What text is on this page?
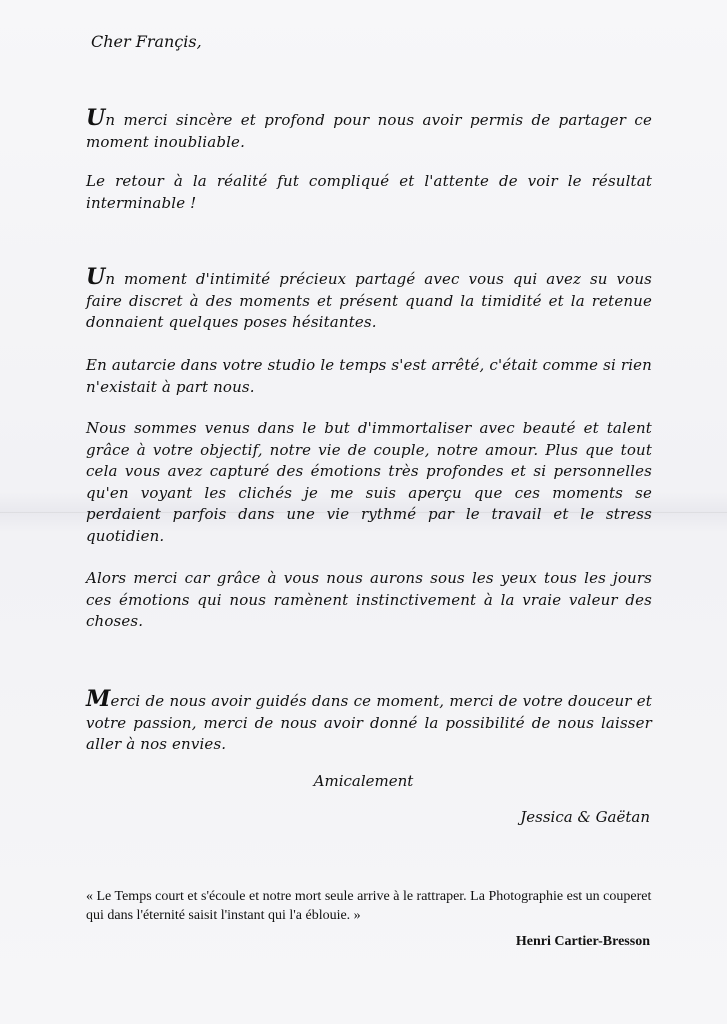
Cher Françis,

Un merci sincère et profond pour nous avoir permis de partager ce moment inoubliable.

Le retour à la réalité fut compliqué et l'attente de voir le résultat interminable !

Un moment d'intimité précieux partagé avec vous qui avez su vous faire discret à des moments et présent quand la timidité et la retenue donnaient quelques poses hésitantes.

En autarcie dans votre studio le temps s'est arrêté, c'était comme si rien n'existait à part nous.

Nous sommes venus dans le but d'immortaliser avec beauté et talent grâce à votre objectif, notre vie de couple, notre amour. Plus que tout cela vous avez capturé des émotions très profondes et si personnelles qu'en voyant les clichés je me suis aperçu que ces moments se perdaient parfois dans une vie rythmé par le travail et le stress quotidien.

Alors merci car grâce à vous nous aurons sous les yeux tous les jours ces émotions qui nous ramènent instinctivement à la vraie valeur des choses.

Merci de nous avoir guidés dans ce moment, merci de votre douceur et votre passion, merci de nous avoir donné la possibilité de nous laisser aller à nos envies.

Amicalement
Jessica & Gaëtan
« Le Temps court et s'écoule et notre mort seule arrive à le rattraper. La Photographie est un couperet qui dans l'éternité saisit l'instant qui l'a éblouie. »
Henri Cartier-Bresson
